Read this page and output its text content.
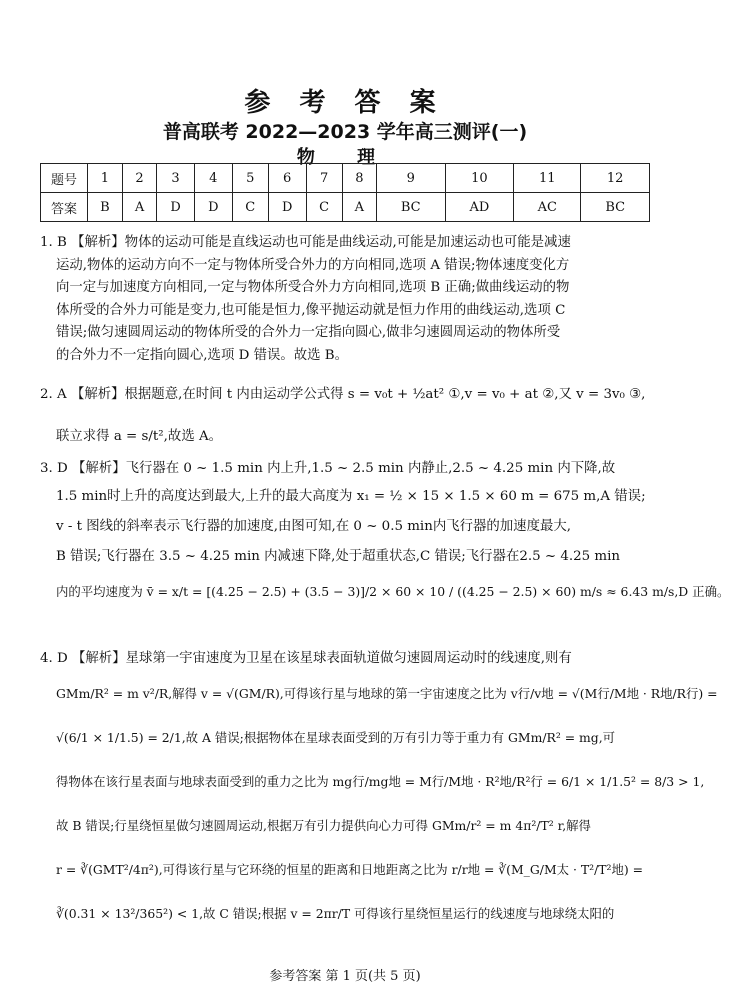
参 考 答 案
普高联考 2022—2023 学年高三测评(一)
物 理
题号	1	2	3	4	5	6	7	8	9	10	11	12
答案	B	A	D	D	C	D	C	A	BC	AD	AC	BC
1. B 【解析】物体的运动可能是直线运动也可能是曲线运动,可能是加速运动也可能是减速
运动,物体的运动方向不一定与物体所受合外力的方向相同,选项 A 错误;物体速度变化方
向一定与加速度方向相同,一定与物体所受合外力方向相同,选项 B 正确;做曲线运动的物
体所受的合外力可能是变力,也可能是恒力,像平抛运动就是恒力作用的曲线运动,选项 C
错误;做匀速圆周运动的物体所受的合外力一定指向圆心,做非匀速圆周运动的物体所受
的合外力不一定指向圆心,选项 D 错误。故选 B。
2. A 【解析】根据题意,在时间 t 内由运动学公式得 s = v₀t + ½at² ①,v = v₀ + at ②,又 v = 3v₀ ③,
联立求得 a = s/t²,故选 A。
3. D 【解析】飞行器在 0 ~ 1.5 min 内上升,1.5 ~ 2.5 min 内静止,2.5 ~ 4.25 min 内下降,故
1.5 min时上升的高度达到最大,上升的最大高度为 x₁ = ½ × 15 × 1.5 × 60 m = 675 m,A 错误;
v - t 图线的斜率表示飞行器的加速度,由图可知,在 0 ~ 0.5 min内飞行器的加速度最大,
B 错误;飞行器在 3.5 ~ 4.25 min 内减速下降,处于超重状态,C 错误;飞行器在2.5 ~ 4.25 min
内的平均速度为 v̄ = x/t = [(4.25 − 2.5) + (3.5 − 3)]/2 × 60 × 10 / ((4.25 − 2.5) × 60) m/s ≈ 6.43 m/s,D 正确。
4. D 【解析】星球第一宇宙速度为卫星在该星球表面轨道做匀速圆周运动时的线速度,则有
GMm/R² = m v²/R,解得 v = √(GM/R),可得该行星与地球的第一宇宙速度之比为 v行/v地 = √(M行/M地 · R地/R行) =
√(6/1 × 1/1.5) = 2/1,故 A 错误;根据物体在星球表面受到的万有引力等于重力有 GMm/R² = mg,可
得物体在该行星表面与地球表面受到的重力之比为 mg行/mg地 = M行/M地 · R²地/R²行 = 6/1 × 1/1.5² = 8/3 > 1,
故 B 错误;行星绕恒星做匀速圆周运动,根据万有引力提供向心力可得 GMm/r² = m 4π²/T² r,解得
r = ∛(GMT²/4π²),可得该行星与它环绕的恒星的距离和日地距离之比为 r/r地 = ∛(M_G/M太 · T²/T²地) =
∛(0.31 × 13²/365²) < 1,故 C 错误;根据 v = 2πr/T 可得该行星绕恒星运行的线速度与地球绕太阳的
参考答案 第 1 页(共 5 页)
